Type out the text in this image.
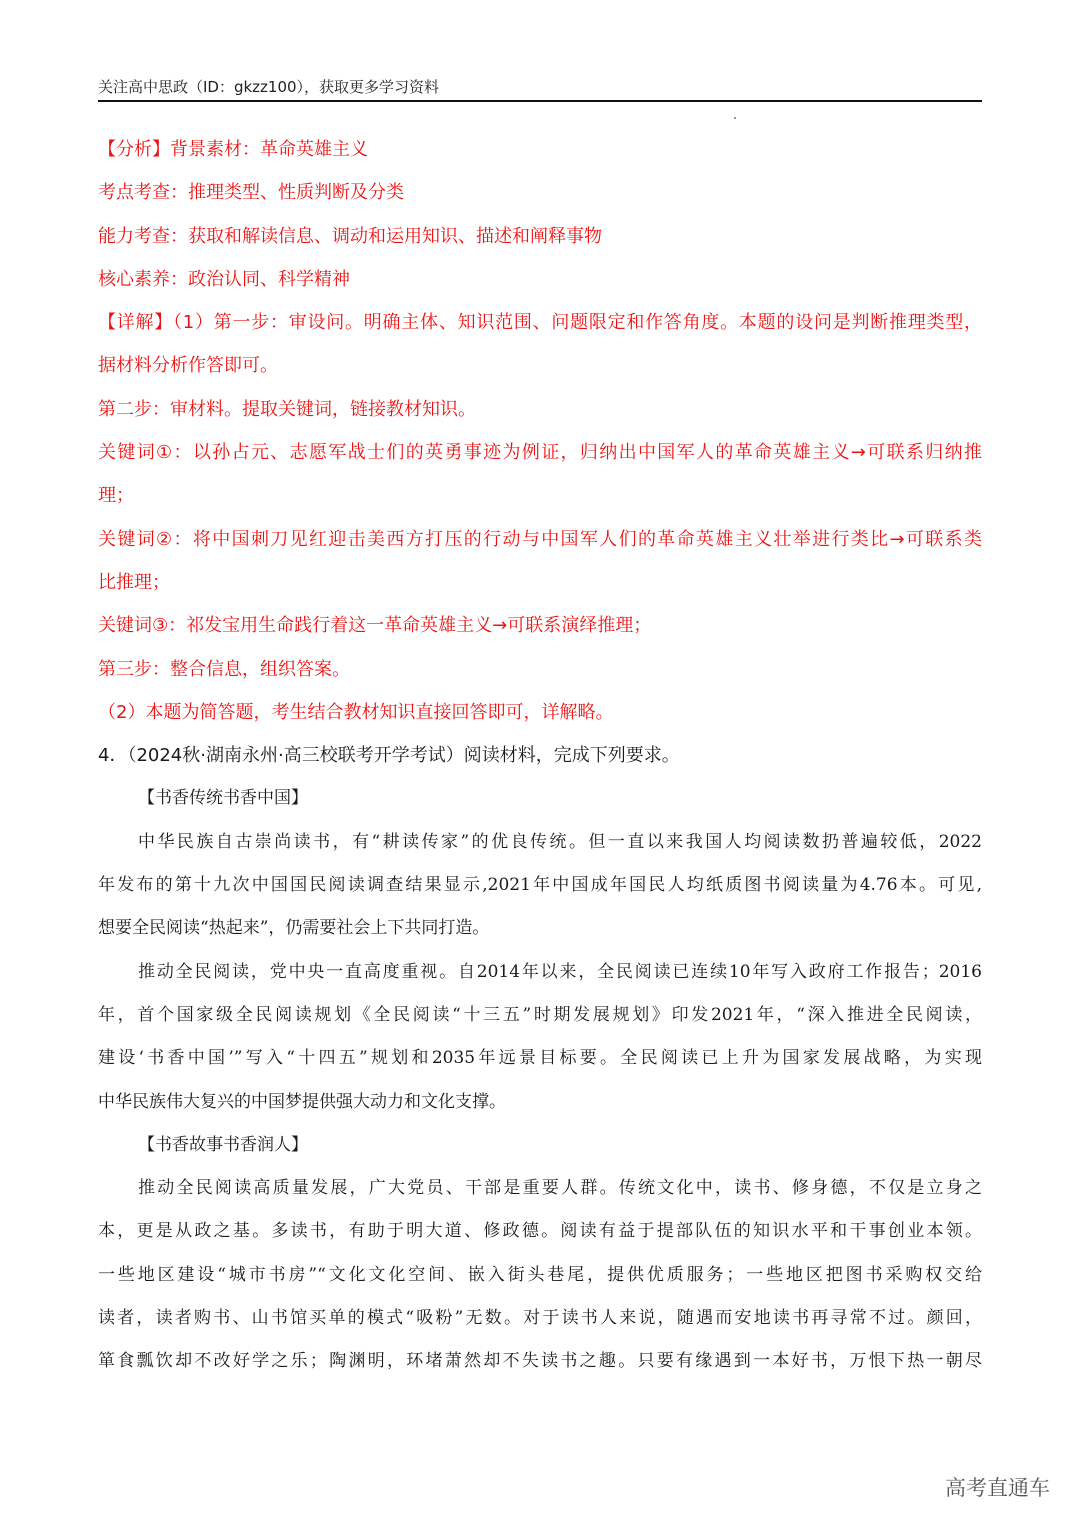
关注高中思政（ID：gkzz100），获取更多学习资料
【分析】背景素材：革命英雄主义
考点考查：推理类型、性质判断及分类
能力考查：获取和解读信息、调动和运用知识、描述和阐释事物
核心素养：政治认同、科学精神
【详解】（1）第一步：审设问。明确主体、知识范围、问题限定和作答角度。本题的设问是判断推理类型，
据材料分析作答即可。
第二步：审材料。提取关键词，链接教材知识。
关键词①：以孙占元、志愿军战士们的英勇事迹为例证，归纳出中国军人的革命英雄主义→可联系归纳推
理；
关键词②：将中国刺刀见红迎击美西方打压的行动与中国军人们的革命英雄主义壮举进行类比→可联系类
比推理；
关键词③：祁发宝用生命践行着这一革命英雄主义→可联系演绎推理；
第三步：整合信息，组织答案。
（2）本题为简答题，考生结合教材知识直接回答即可，详解略。
4．（2024秋·湖南永州·高三校联考开学考试）阅读材料，完成下列要求。
【书香传统书香中国】
中华民族自古崇尚读书，有“耕读传家”的优良传统。但一直以来我国人均阅读数扔普遍较低，2022
年发布的第十九次中国国民阅读调查结果显示,2021年中国成年国民人均纸质图书阅读量为4.76本。可见,
想要全民阅读“热起来”，仍需要社会上下共同打造。
推动全民阅读，党中央一直高度重视。自2014年以来，全民阅读已连续10年写入政府工作报告；2016
年，首个国家级全民阅读规划《全民阅读“十三五”时期发展规划》印发2021年，“深入推进全民阅读，
建设‘书香中国’”写入“十四五”规划和2035年远景目标要。全民阅读已上升为国家发展战略，为实现
中华民族伟大复兴的中国梦提供强大动力和文化支撑。
【书香故事书香润人】
推动全民阅读高质量发展，广大党员、干部是重要人群。传统文化中，读书、修身德，不仅是立身之
本，更是从政之基。多读书，有助于明大道、修政德。阅读有益于提部队伍的知识水平和干事创业本领。
一些地区建设“城市书房”“文化文化空间、嵌入街头巷尾，提供优质服务；一些地区把图书采购权交给
读者，读者购书、山书馆买单的模式“吸粉”无数。对于读书人来说，随遇而安地读书再寻常不过。颜回，
箪食瓢饮却不改好学之乐；陶渊明，环堵萧然却不失读书之趣。只要有缘遇到一本好书，万恨下热一朝尽
高考直通车
